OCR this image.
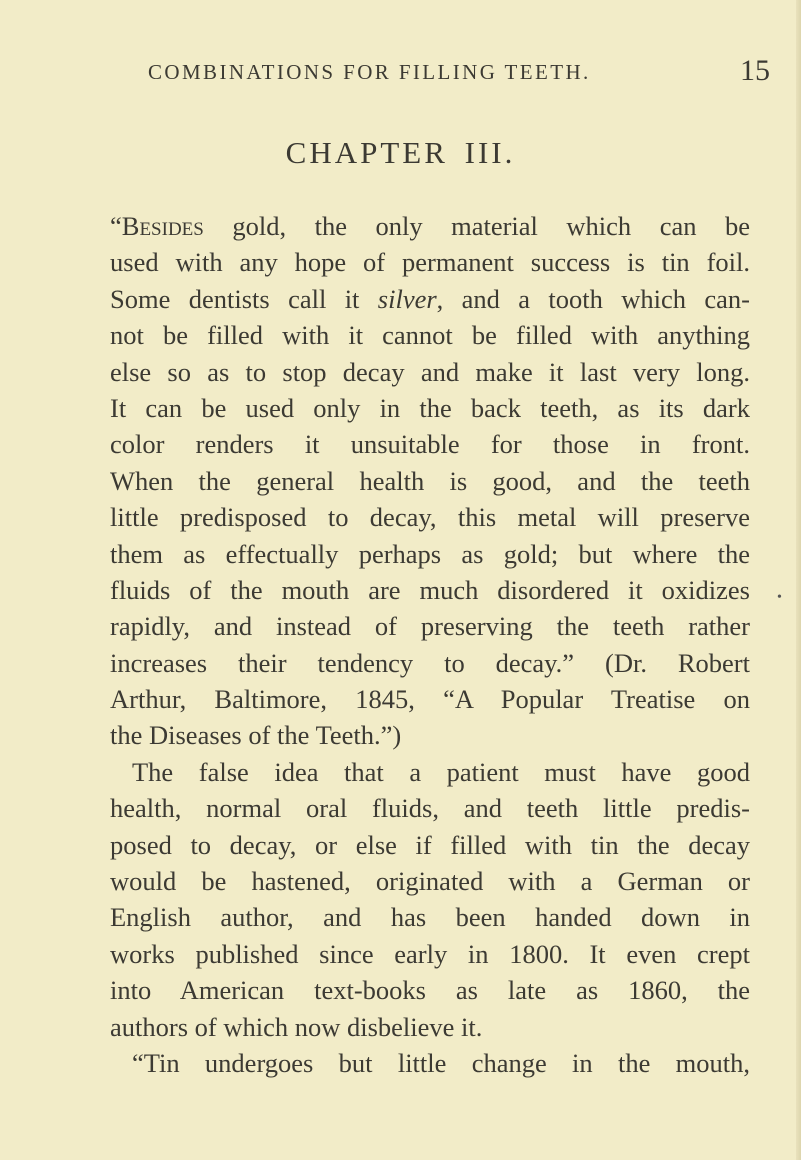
COMBINATIONS FOR FILLING TEETH.	15
CHAPTER III.
“Besides gold, the only material which can be
used with any hope of permanent success is tin foil.
Some dentists call it silver, and a tooth which can-
not be filled with it cannot be filled with anything
else so as to stop decay and make it last very long.
It can be used only in the back teeth, as its dark
color renders it unsuitable for those in front.
When the general health is good, and the teeth
little predisposed to decay, this metal will preserve
them as effectually perhaps as gold; but where the
fluids of the mouth are much disordered it oxidizes
rapidly, and instead of preserving the teeth rather
increases their tendency to decay.” (Dr. Robert
Arthur, Baltimore, 1845, “A Popular Treatise on
the Diseases of the Teeth.”)
The false idea that a patient must have good
health, normal oral fluids, and teeth little predis-
posed to decay, or else if filled with tin the decay
would be hastened, originated with a German or
English author, and has been handed down in
works published since early in 1800. It even crept
into American text-books as late as 1860, the
authors of which now disbelieve it.
“Tin undergoes but little change in the mouth,
•
